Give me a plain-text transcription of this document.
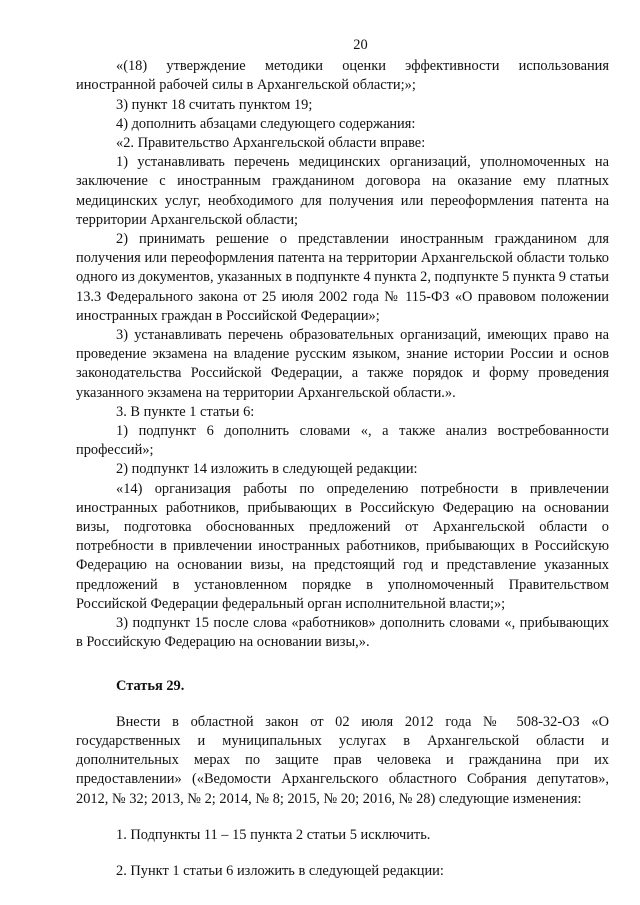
20

«(18) утверждение методики оценки эффективности использования иностранной рабочей силы в Архангельской области;»;

3) пункт 18 считать пунктом 19;

4) дополнить абзацами следующего содержания:

«2. Правительство Архангельской области вправе:

1) устанавливать перечень медицинских организаций, уполномоченных на заключение с иностранным гражданином договора на оказание ему платных медицинских услуг, необходимого для получения или переоформления патента на территории Архангельской области;

2) принимать решение о представлении иностранным гражданином для получения или переоформления патента на территории Архангельской области только одного из документов, указанных в подпункте 4 пункта 2, подпункте 5 пункта 9 статьи 13.3 Федерального закона от 25 июля 2002 года № 115-ФЗ «О правовом положении иностранных граждан в Российской Федерации»;

3) устанавливать перечень образовательных организаций, имеющих право на проведение экзамена на владение русским языком, знание истории России и основ законодательства Российской Федерации, а также порядок и форму проведения указанного экзамена на территории Архангельской области.».

3. В пункте 1 статьи 6:

1) подпункт 6 дополнить словами «, а также анализ востребованности профессий»;

2) подпункт 14 изложить в следующей редакции:

«14) организация работы по определению потребности в привлечении иностранных работников, прибывающих в Российскую Федерацию на основании визы, подготовка обоснованных предложений от Архангельской области о потребности в привлечении иностранных работников, прибывающих в Российскую Федерацию на основании визы, на предстоящий год и представление указанных предложений в установленном порядке в уполномоченный Правительством Российской Федерации федеральный орган исполнительной власти;»;

3) подпункт 15 после слова «работников» дополнить словами «, прибывающих в Российскую Федерацию на основании визы,».

Статья 29.

Внести в областной закон от 02 июля 2012 года № 508-32-ОЗ «О государственных и муниципальных услугах в Архангельской области и дополнительных мерах по защите прав человека и гражданина при их предоставлении» («Ведомости Архангельского областного Собрания депутатов», 2012, № 32; 2013, № 2; 2014, № 8; 2015, № 20; 2016, № 28) следующие изменения:

1. Подпункты 11 – 15 пункта 2 статьи 5 исключить.

2. Пункт 1 статьи 6 изложить в следующей редакции:
